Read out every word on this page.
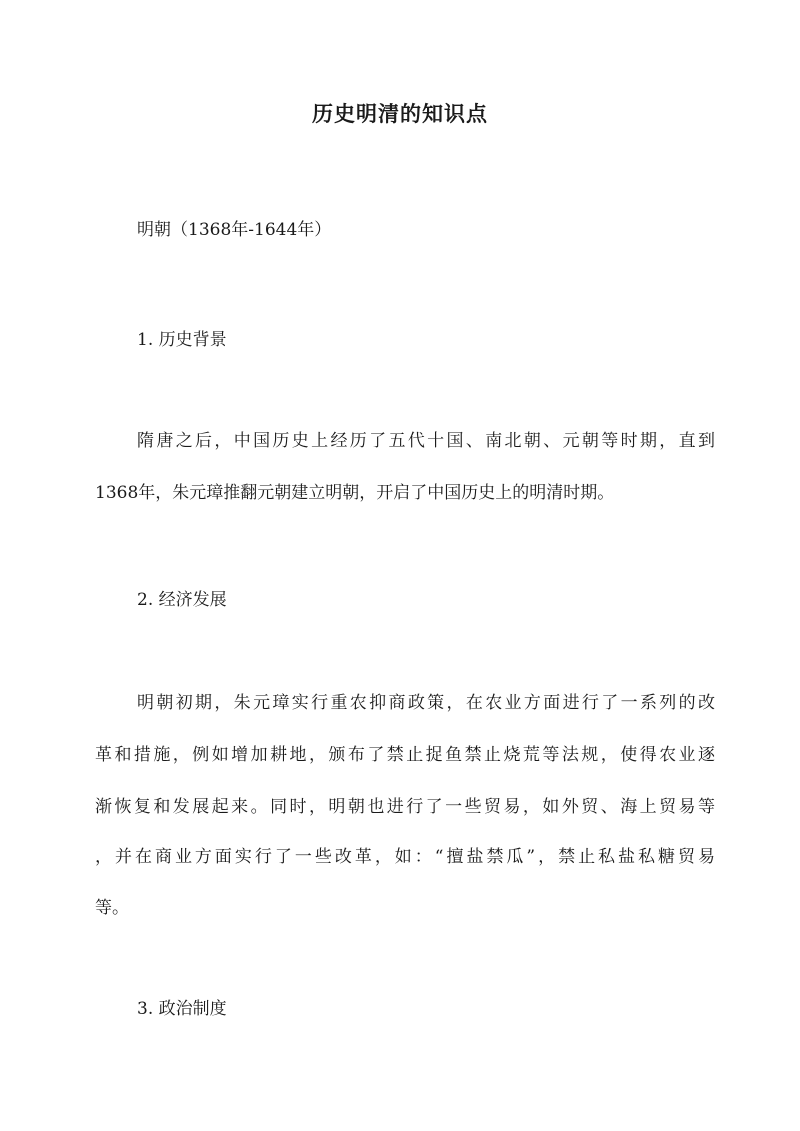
历史明清的知识点

明朝（1368年-1644年）

1. 历史背景

隋唐之后，中国历史上经历了五代十国、南北朝、元朝等时期，直到

1368年，朱元璋推翻元朝建立明朝，开启了中国历史上的明清时期。

2. 经济发展

明朝初期，朱元璋实行重农抑商政策，在农业方面进行了一系列的改

革和措施，例如增加耕地，颁布了禁止捉鱼禁止烧荒等法规，使得农业逐

渐恢复和发展起来。同时，明朝也进行了一些贸易，如外贸、海上贸易等

，并在商业方面实行了一些改革，如：“擅盐禁瓜”，禁止私盐私糖贸易

等。

3. 政治制度
